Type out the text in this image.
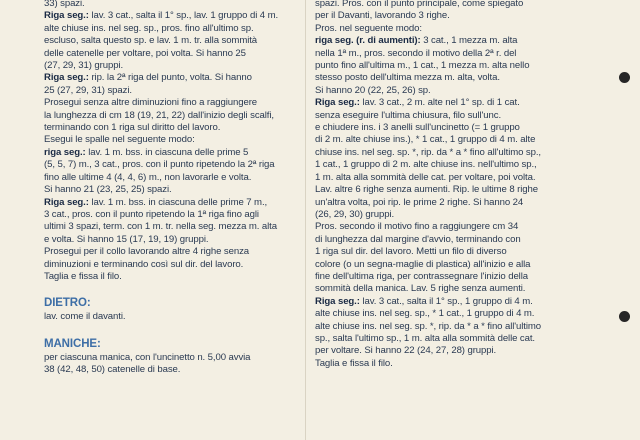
33) spazi.
Riga seg.: lav. 3 cat., salta il 1° sp., lav. 1 gruppo di 4 m.
alte chiuse ins. nel seg. sp., pros. fino all'ultimo sp.
escluso, salta questo sp. e lav. 1 m. tr. alla sommità
delle catenelle per voltare, poi volta. Si hanno 25
(27, 29, 31) gruppi.
Riga seg.: rip. la 2ª riga del punto, volta. Si hanno
25 (27, 29, 31) spazi.
Prosegui senza altre diminuzioni fino a raggiungere
la lunghezza di cm 18 (19, 21, 22) dall'inizio degli scalfi,
terminando con 1 riga sul diritto del lavoro.
Esegui le spalle nel seguente modo:
riga seg.: lav. 1 m. bss. in ciascuna delle prime 5
(5, 5, 7) m., 3 cat., pros. con il punto ripetendo la 2ª riga
fino alle ultime 4 (4, 4, 6) m., non lavorarle e volta.
Si hanno 21 (23, 25, 25) spazi.
Riga seg.: lav. 1 m. bss. in ciascuna delle prime 7 m.,
3 cat., pros. con il punto ripetendo la 1ª riga fino agli
ultimi 3 spazi, term. con 1 m. tr. nella seg. mezza m. alta
e volta. Si hanno 15 (17, 19, 19) gruppi.
Prosegui per il collo lavorando altre 4 righe senza
diminuzioni e terminando così sul dir. del lavoro.
Taglia e fissa il filo.
DIETRO:
lav. come il davanti.
MANICHE:
per ciascuna manica, con l'uncinetto n. 5,00 avvia
38 (42, 48, 50) catenelle di base.
spazi. Pros. con il punto principale, come spiegato
per il Davanti, lavorando 3 righe.
Pros. nel seguente modo:
riga seg. (r. di aumenti): 3 cat., 1 mezza m. alta
nella 1ª m., pros. secondo il motivo della 2ª r. del
punto fino all'ultima m., 1 cat., 1 mezza m. alta nello
stesso posto dell'ultima mezza m. alta, volta.
Si hanno 20 (22, 25, 26) sp.
Riga seg.: lav. 3 cat., 2 m. alte nel 1° sp. di 1 cat.
senza eseguire l'ultima chiusura, filo sull'unc.
e chiudere ins. i 3 anelli sull'uncinetto (= 1 gruppo
di 2 m. alte chiuse ins.), * 1 cat., 1 gruppo di 4 m. alte
chiuse ins. nel seg. sp. *, rip. da * a * fino all'ultimo sp.,
1 cat., 1 gruppo di 2 m. alte chiuse ins. nell'ultimo sp.,
1 m. alta alla sommità delle cat. per voltare, poi volta.
Lav. altre 6 righe senza aumenti. Rip. le ultime 8 righe
un'altra volta, poi rip. le prime 2 righe. Si hanno 24
(26, 29, 30) gruppi.
Pros. secondo il motivo fino a raggiungere cm 34
di lunghezza dal margine d'avvio, terminando con
1 riga sul dir. del lavoro. Metti un filo di diverso
colore (o un segna-maglie di plastica) all'inizio e alla
fine dell'ultima riga, per contrassegnare l'inizio della
sommità della manica. Lav. 5 righe senza aumenti.
Riga seg.: lav. 3 cat., salta il 1° sp., 1 gruppo di 4 m.
alte chiuse ins. nel seg. sp., * 1 cat., 1 gruppo di 4 m.
alte chiuse ins. nel seg. sp. *, rip. da * a * fino all'ultimo
sp., salta l'ultimo sp., 1 m. alta alla sommità delle cat.
per voltare. Si hanno 22 (24, 27, 28) gruppi.
Taglia e fissa il filo.
